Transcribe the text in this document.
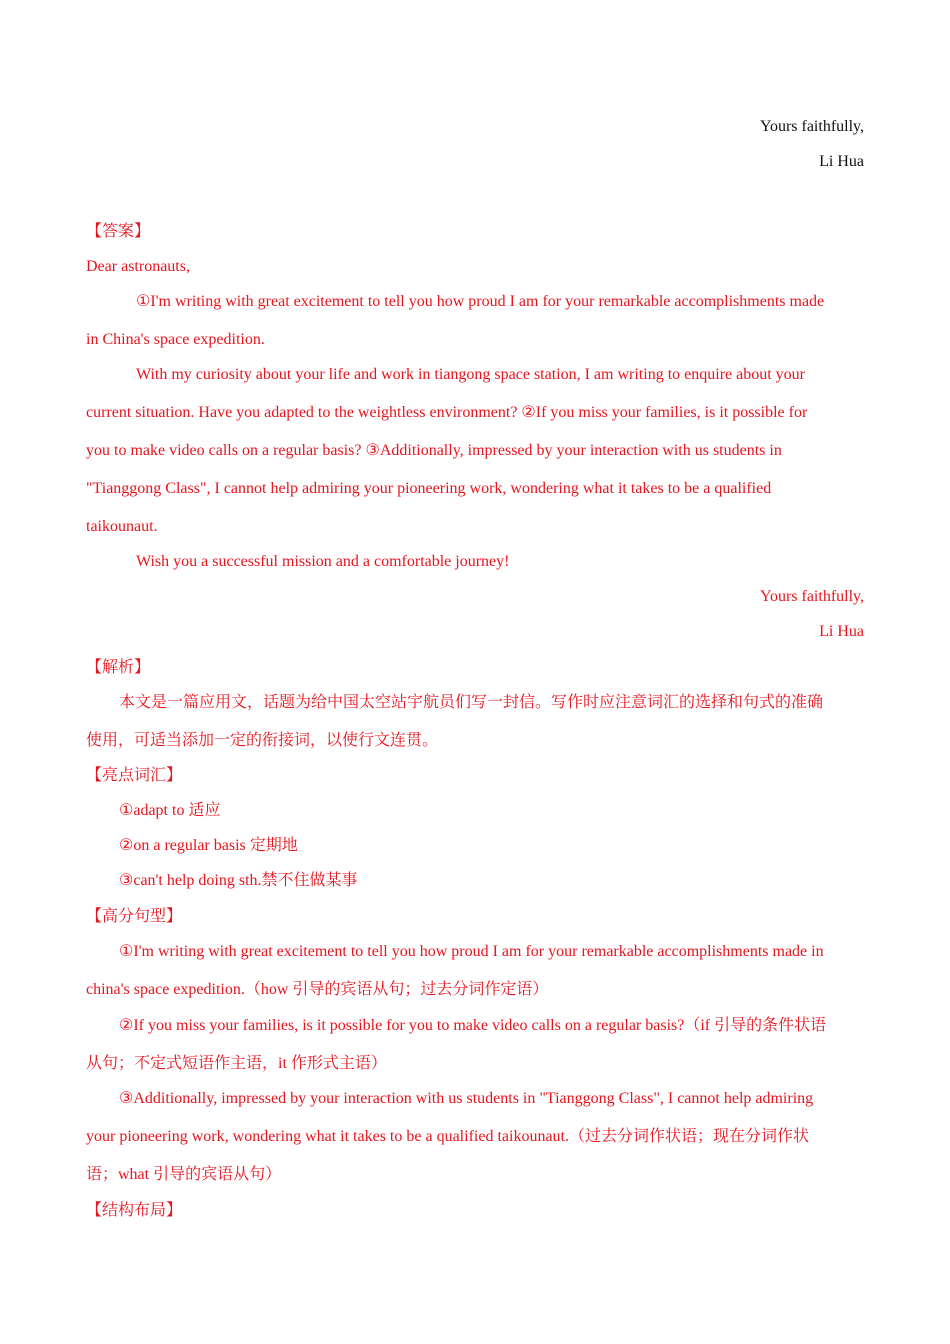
Yours faithfully,
Li Hua
【答案】
Dear astronauts,
①I'm writing with great excitement to tell you how proud I am for your remarkable accomplishments made
in China's space expedition.
With my curiosity about your life and work in tiangong space station, I am writing to enquire about your
current situation. Have you adapted to the weightless environment? ②If you miss your families, is it possible for
you to make video calls on a regular basis? ③Additionally, impressed by your interaction with us students in
"Tianggong Class", I cannot help admiring your pioneering work, wondering what it takes to be a qualified
taikounaut.
Wish you a successful mission and a comfortable journey!
Yours faithfully,
Li Hua
【解析】
本文是一篇应用文，话题为给中国太空站宇航员们写一封信。写作时应注意词汇的选择和句式的准确
使用，可适当添加一定的衔接词，以使行文连贯。
【亮点词汇】
①adapt to 适应
②on a regular basis 定期地
③can't help doing sth.禁不住做某事
【高分句型】
①I'm writing with great excitement to tell you how proud I am for your remarkable accomplishments made in
china's space expedition.（how 引导的宾语从句；过去分词作定语）
②If you miss your families, is it possible for you to make video calls on a regular basis?（if 引导的条件状语
从句；不定式短语作主语，it 作形式主语）
③Additionally, impressed by your interaction with us students in "Tianggong Class", I cannot help admiring
your pioneering work, wondering what it takes to be a qualified taikounaut.（过去分词作状语；现在分词作状
语；what 引导的宾语从句）
【结构布局】
